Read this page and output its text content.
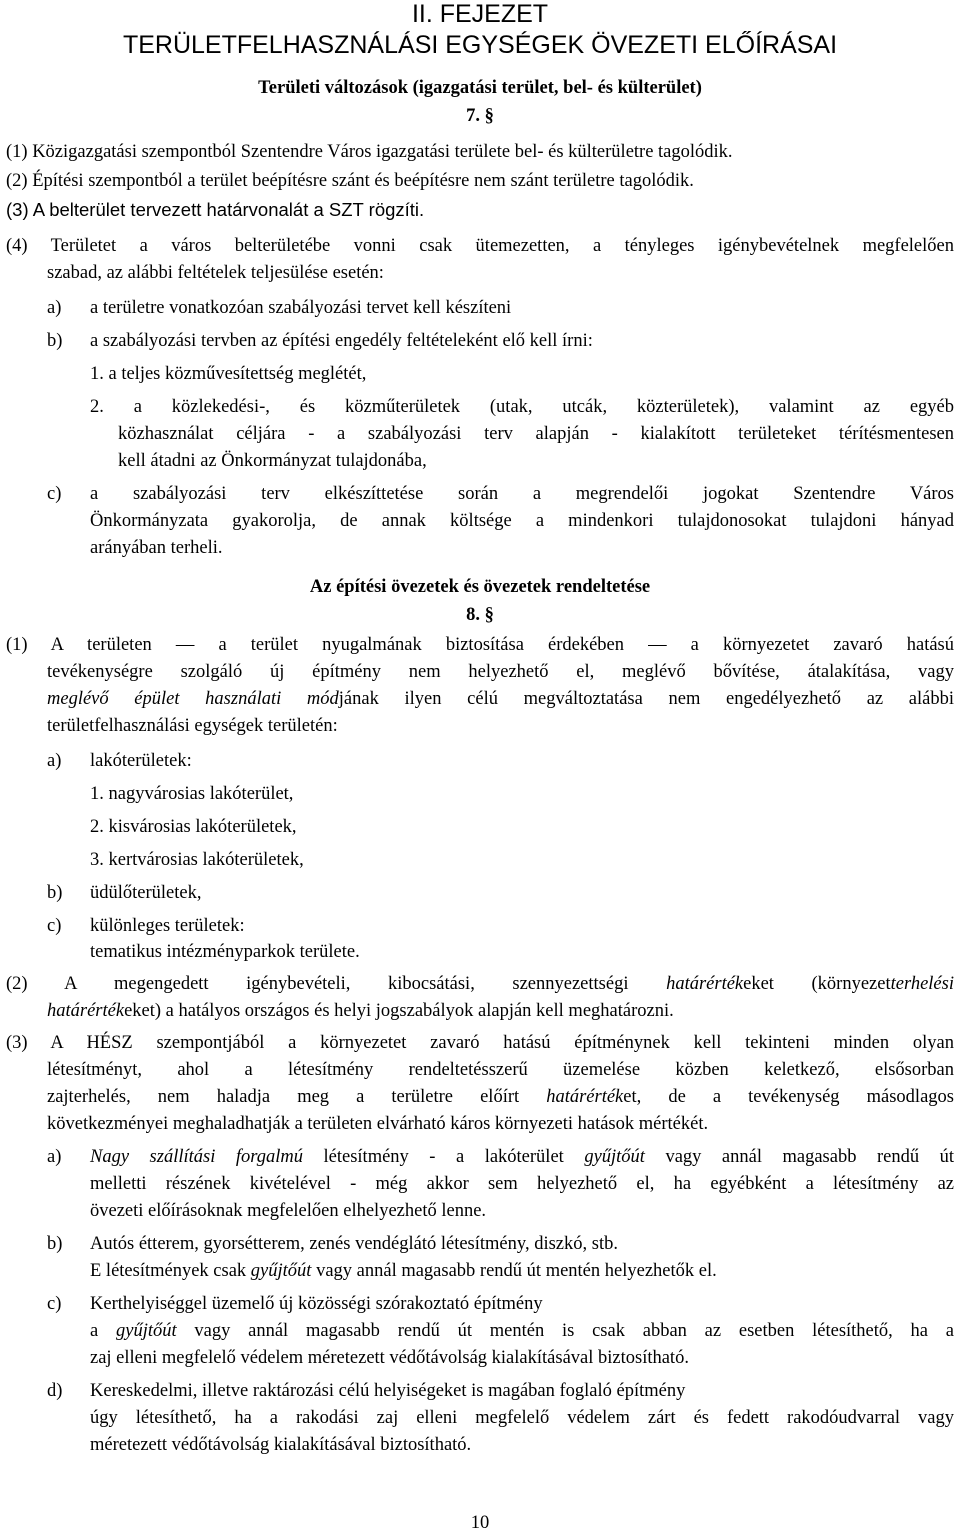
II. FEJEZET
TERÜLETFELHASZNÁLÁSI EGYSÉGEK ÖVEZETI ELŐÍRÁSAI
Területi változások (igazgatási terület, bel- és külterület)
7. §
(1) Közigazgatási szempontból Szentendre Város igazgatási területe bel- és külterületre tagolódik.
(2) Építési szempontból a terület beépítésre szánt és beépítésre nem szánt területre tagolódik.
(3) A belterület tervezett határvonalát a SZT rögzíti.
(4) Területet a város belterületébe vonni csak ütemezetten, a tényleges igénybevételnek megfelelően
szabad, az alábbi feltételek teljesülése esetén:
a) a területre vonatkozóan szabályozási tervet kell készíteni
b) a szabályozási tervben az építési engedély feltételeként elő kell írni:
1. a teljes közművesítettség meglétét,
2. a közlekedési-, és közműterületek (utak, utcák, közterületek), valamint az egyéb
közhasználat céljára - a szabályozási terv alapján - kialakított területeket térítésmentesen
kell átadni az Önkormányzat tulajdonába,
c) a szabályozási terv elkészíttetése során a megrendelői jogokat Szentendre Város
Önkormányzata gyakorolja, de annak költsége a mindenkori tulajdonosokat tulajdoni hányad
arányában terheli.
Az építési övezetek és övezetek rendeltetése
8. §
(1) A területen — a terület nyugalmának biztosítása érdekében — a környezetet zavaró hatású
tevékenységre szolgáló új építmény nem helyezhető el, meglévő bővítése, átalakítása, vagy
meglévő épület használati módjának ilyen célú megváltoztatása nem engedélyezhető az alábbi
területfelhasználási egységek területén:
a) lakóterületek:
1. nagyvárosias lakóterület,
2. kisvárosias lakóterületek,
3. kertvárosias lakóterületek,
b) üdülőterületek,
c) különleges területek:
tematikus intézményparkok területe.
(2) A megengedett igénybevételi, kibocsátási, szennyezettségi határértékeket (környezetterhelési
határértékeket) a hatályos országos és helyi jogszabályok alapján kell meghatározni.
(3) A HÉSZ szempontjából a környezetet zavaró hatású építménynek kell tekinteni minden olyan
létesítményt, ahol a létesítmény rendeltetésszerű üzemelése közben keletkező, elsősorban
zajterhelés, nem haladja meg a területre előírt határértéket, de a tevékenység másodlagos
következményei meghaladhatják a területen elvárható káros környezeti hatások mértékét.
a) Nagy szállítási forgalmú létesítmény - a lakóterület gyűjtőút vagy annál magasabb rendű út
melletti részének kivételével - még akkor sem helyezhető el, ha egyébként a létesítmény az
övezeti előírásoknak megfelelően elhelyezhető lenne.
b) Autós étterem, gyorsétterem, zenés vendéglátó létesítmény, diszkó, stb.
E létesítmények csak gyűjtőút vagy annál magasabb rendű út mentén helyezhetők el.
c) Kerthelyiséggel üzemelő új közösségi szórakoztató építmény
a gyűjtőút vagy annál magasabb rendű út mentén is csak abban az esetben létesíthető, ha a
zaj elleni megfelelő védelem méretezett védőtávolság kialakításával biztosítható.
d) Kereskedelmi, illetve raktározási célú helyiségeket is magában foglaló építmény
úgy létesíthető, ha a rakodási zaj elleni megfelelő védelem zárt és fedett rakodóudvarral vagy
méretezett védőtávolság kialakításával biztosítható.
10
